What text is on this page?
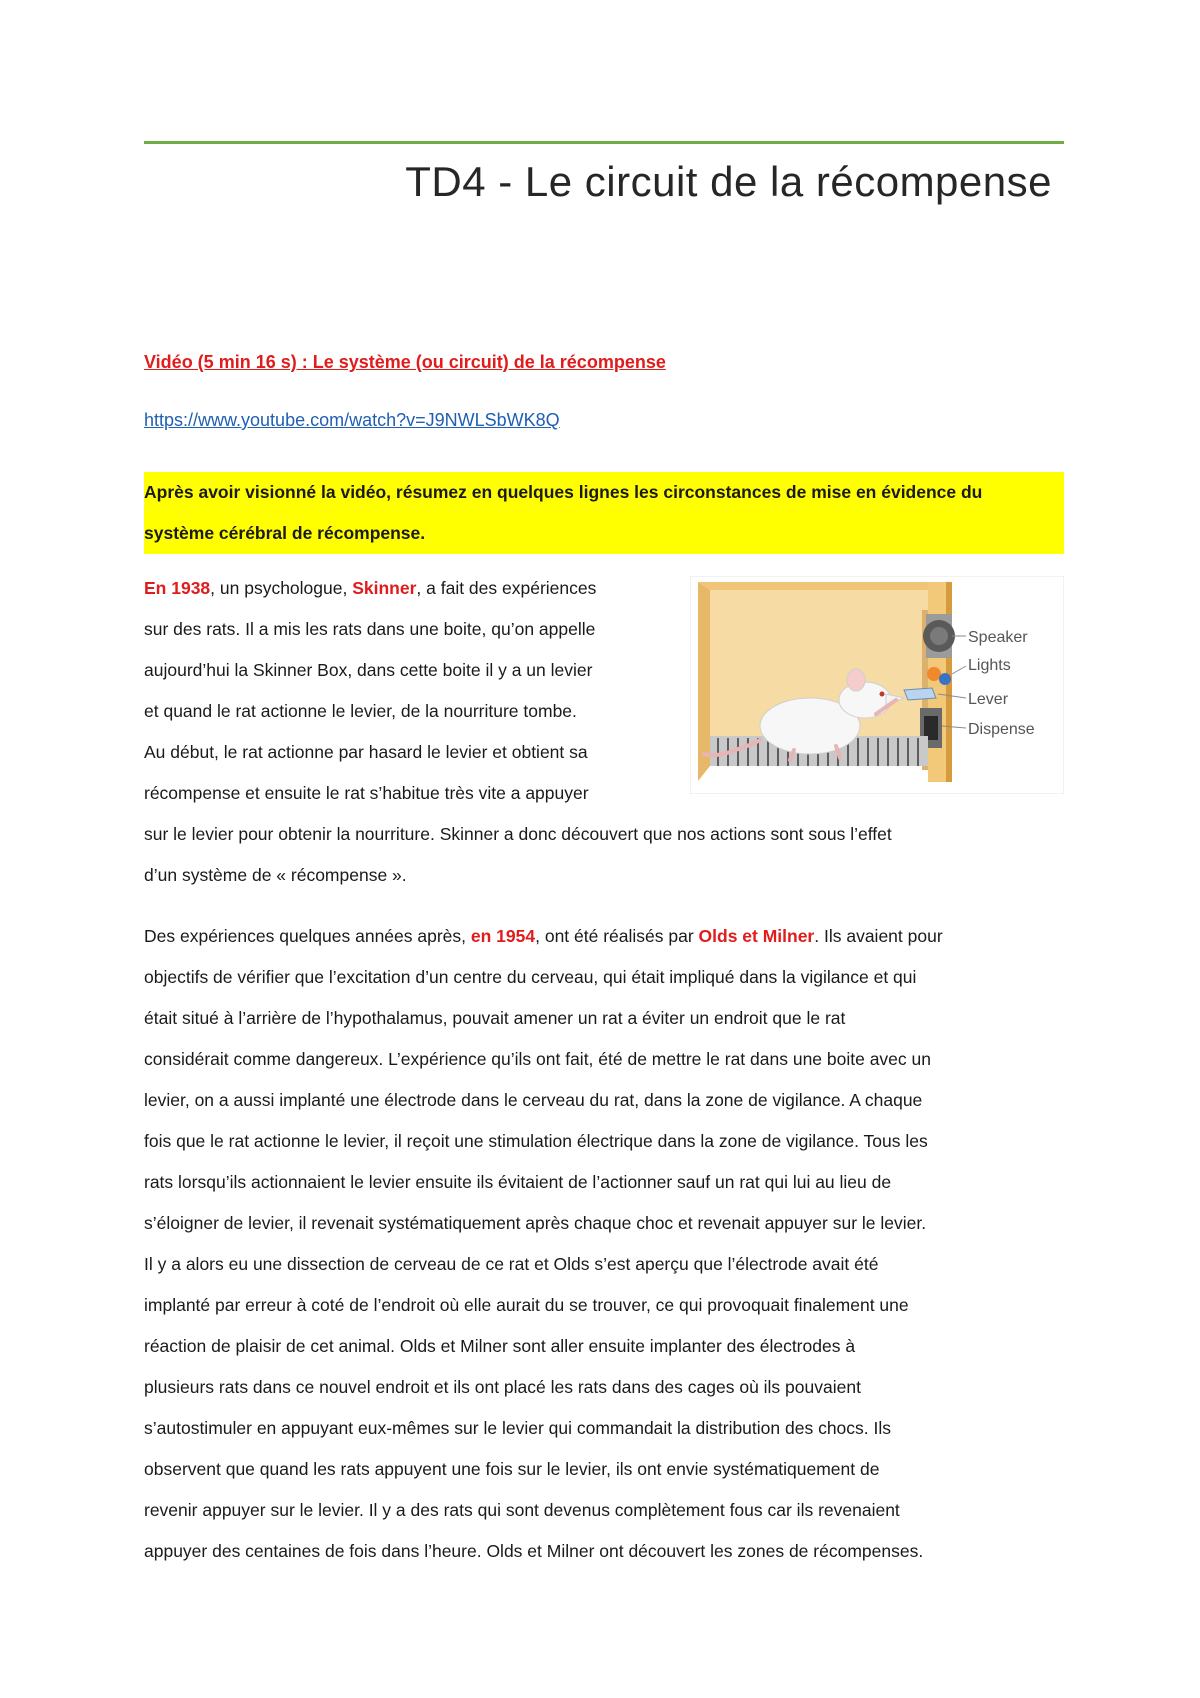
TD4 - Le circuit de la récompense
Vidéo (5 min 16 s) : Le système (ou circuit) de la récompense
https://www.youtube.com/watch?v=J9NWLSbWK8Q
Après avoir visionné la vidéo, résumez en quelques lignes les circonstances de mise en évidence du
système cérébral de récompense.
En 1938, un psychologue, Skinner, a fait des expériences
sur des rats. Il a mis les rats dans une boite, qu’on appelle
aujourd’hui la Skinner Box, dans cette boite il y a un levier
et quand le rat actionne le levier, de la nourriture tombe.
Au début, le rat actionne par hasard le levier et obtient sa
récompense et ensuite le rat s’habitue très vite a appuyer
Speaker
Lights
Lever
Dispense
sur le levier pour obtenir la nourriture. Skinner a donc découvert que nos actions sont sous l’effet
d’un système de « récompense ».
Des expériences quelques années après, en 1954, ont été réalisés par Olds et Milner. Ils avaient pour
objectifs de vérifier que l’excitation d’un centre du cerveau, qui était impliqué dans la vigilance et qui
était situé à l’arrière de l’hypothalamus, pouvait amener un rat a éviter un endroit que le rat
considérait comme dangereux. L’expérience qu’ils ont fait, été de mettre le rat dans une boite avec un
levier, on a aussi implanté une électrode dans le cerveau du rat, dans la zone de vigilance. A chaque
fois que le rat actionne le levier, il reçoit une stimulation électrique dans la zone de vigilance. Tous les
rats lorsqu’ils actionnaient le levier ensuite ils évitaient de l’actionner sauf un rat qui lui au lieu de
s’éloigner de levier, il revenait systématiquement après chaque choc et revenait appuyer sur le levier.
Il y a alors eu une dissection de cerveau de ce rat et Olds s’est aperçu que l’électrode avait été
implanté par erreur à coté de l’endroit où elle aurait du se trouver, ce qui provoquait finalement une
réaction de plaisir de cet animal. Olds et Milner sont aller ensuite implanter des électrodes à
plusieurs rats dans ce nouvel endroit et ils ont placé les rats dans des cages où ils pouvaient
s’autostimuler en appuyant eux-mêmes sur le levier qui commandait la distribution des chocs. Ils
observent que quand les rats appuyent une fois sur le levier, ils ont envie systématiquement de
revenir appuyer sur le levier. Il y a des rats qui sont devenus complètement fous car ils revenaient
appuyer des centaines de fois dans l’heure. Olds et Milner ont découvert les zones de récompenses.
